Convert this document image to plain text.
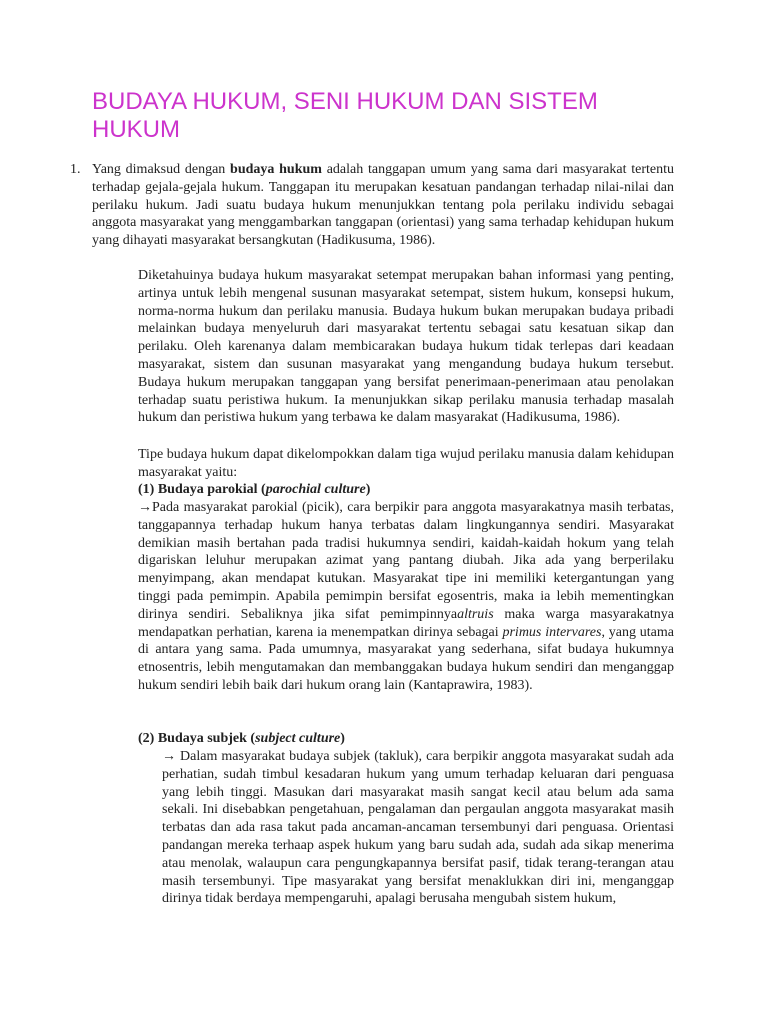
BUDAYA HUKUM, SENI HUKUM DAN SISTEM HUKUM
1. Yang dimaksud dengan budaya hukum adalah tanggapan umum yang sama dari masyarakat tertentu terhadap gejala-gejala hukum. Tanggapan itu merupakan kesatuan pandangan terhadap nilai-nilai dan perilaku hukum. Jadi suatu budaya hukum menunjukkan tentang pola perilaku individu sebagai anggota masyarakat yang menggambarkan tanggapan (orientasi) yang sama terhadap kehidupan hukum yang dihayati masyarakat bersangkutan (Hadikusuma, 1986).

Diketahuinya budaya hukum masyarakat setempat merupakan bahan informasi yang penting, artinya untuk lebih mengenal susunan masyarakat setempat, sistem hukum, konsepsi hukum, norma-norma hukum dan perilaku manusia. Budaya hukum bukan merupakan budaya pribadi melainkan budaya menyeluruh dari masyarakat tertentu sebagai satu kesatuan sikap dan perilaku. Oleh karenanya dalam membicarakan budaya hukum tidak terlepas dari keadaan masyarakat, sistem dan susunan masyarakat yang mengandung budaya hukum tersebut. Budaya hukum merupakan tanggapan yang bersifat penerimaan-penerimaan atau penolakan terhadap suatu peristiwa hukum. Ia menunjukkan sikap perilaku manusia terhadap masalah hukum dan peristiwa hukum yang terbawa ke dalam masyarakat (Hadikusuma, 1986).

Tipe budaya hukum dapat dikelompokkan dalam tiga wujud perilaku manusia dalam kehidupan masyarakat yaitu:

(1) Budaya parokial (parochial culture)

→Pada masyarakat parokial (picik), cara berpikir para anggota masyarakatnya masih terbatas, tanggapannya terhadap hukum hanya terbatas dalam lingkungannya sendiri. Masyarakat demikian masih bertahan pada tradisi hukumnya sendiri, kaidah-kaidah hokum yang telah digariskan leluhur merupakan azimat yang pantang diubah. Jika ada yang berperilaku menyimpang, akan mendapat kutukan. Masyarakat tipe ini memiliki ketergantungan yang tinggi pada pemimpin. Apabila pemimpin bersifat egosentris, maka ia lebih mementingkan dirinya sendiri. Sebaliknya jika sifat pemimpinnyaaltruis maka warga masyarakatnya mendapatkan perhatian, karena ia menempatkan dirinya sebagai primus intervares, yang utama di antara yang sama. Pada umumnya, masyarakat yang sederhana, sifat budaya hukumnya etnosentris, lebih mengutamakan dan membanggakan budaya hukum sendiri dan menganggap hukum sendiri lebih baik dari hukum orang lain (Kantaprawira, 1983).

(2) Budaya subjek (subject culture)

→ Dalam masyarakat budaya subjek (takluk), cara berpikir anggota masyarakat sudah ada perhatian, sudah timbul kesadaran hukum yang umum terhadap keluaran dari penguasa yang lebih tinggi. Masukan dari masyarakat masih sangat kecil atau belum ada sama sekali. Ini disebabkan pengetahuan, pengalaman dan pergaulan anggota masyarakat masih terbatas dan ada rasa takut pada ancaman-ancaman tersembunyi dari penguasa. Orientasi pandangan mereka terhaap aspek hukum yang baru sudah ada, sudah ada sikap menerima atau menolak, walaupun cara pengungkapannya bersifat pasif, tidak terang-terangan atau masih tersembunyi. Tipe masyarakat yang bersifat menaklukkan diri ini, menganggap dirinya tidak berdaya mempengaruhi, apalagi berusaha mengubah sistem hukum,
